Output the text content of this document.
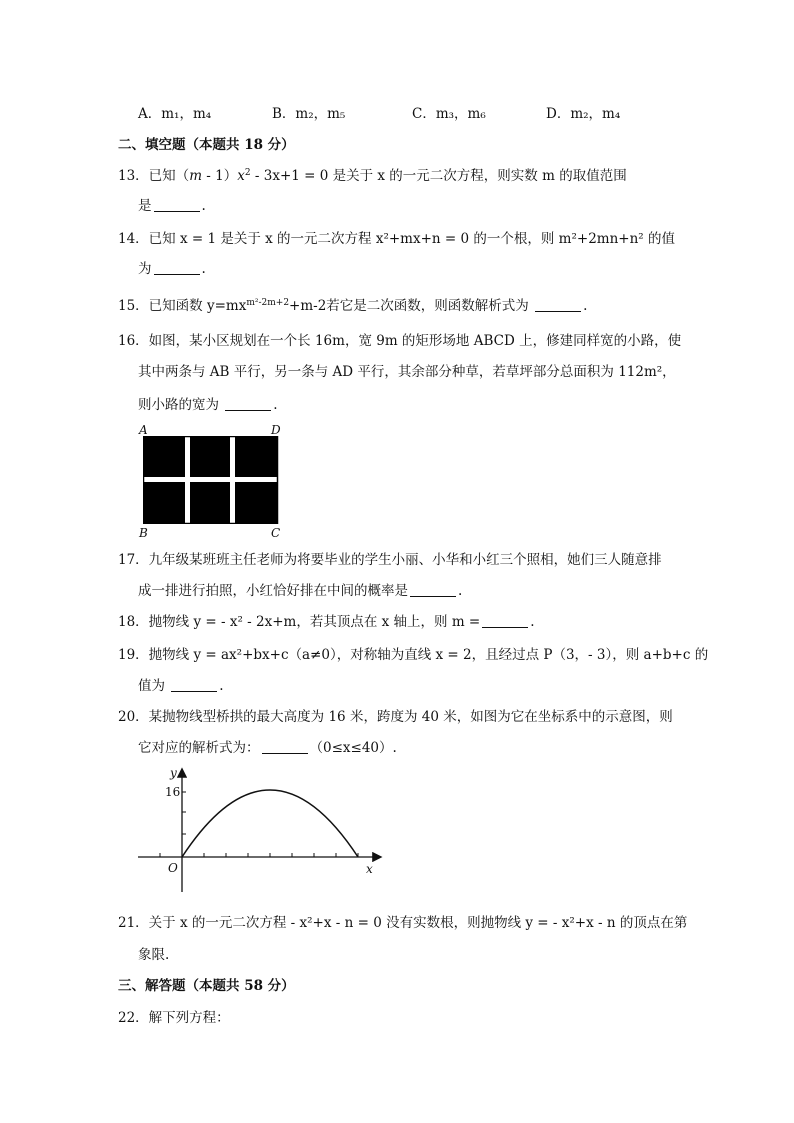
A．m₁，m₄	B．m₂，m₅	C．m₃，m₆	D．m₂，m₄
二、填空题（本题共 18 分）
13．已知$(m - 1)x^2 - 3x+1 = 0$ 是关于 x 的一元二次方程，则实数 m 的取值范围
是	.
14．已知 x = 1 是关于 x 的一元二次方程 x²+mx+n = 0 的一个根，则 m²+2mn+n² 的值
为	.
15．已知函数 $y=mx^{m^2-2m+2}+m-2$若它是二次函数，则函数解析式为	.
16．如图，某小区规划在一个长 16m，宽 9m 的矩形场地 ABCD 上，修建同样宽的小路，使
其中两条与 AB 平行，另一条与 AD 平行，其余部分种草，若草坪部分总面积为 112m²，
则小路的宽为	.
A	D
B	C
17．九年级某班班主任老师为将要毕业的学生小丽、小华和小红三个照相，她们三人随意排
成一排进行拍照，小红恰好排在中间的概率是	.
18．抛物线 y = - x² - 2x+m，若其顶点在 x 轴上，则 m =	.
19．抛物线 y = ax²+bx+c（a≠0），对称轴为直线 x = 2，且经过点 P（3，- 3），则 a+b+c 的
值为	.
20．某抛物线型桥拱的最大高度为 16 米，跨度为 40 米，如图为它在坐标系中的示意图，则
它对应的解析式为：	（0≤x≤40）.
y
16
O	x
21．关于 x 的一元二次方程 - x²+x - n = 0 没有实数根，则抛物线 y = - x²+x - n 的顶点在第
象限.
三、解答题（本题共 58 分）
22．解下列方程：
